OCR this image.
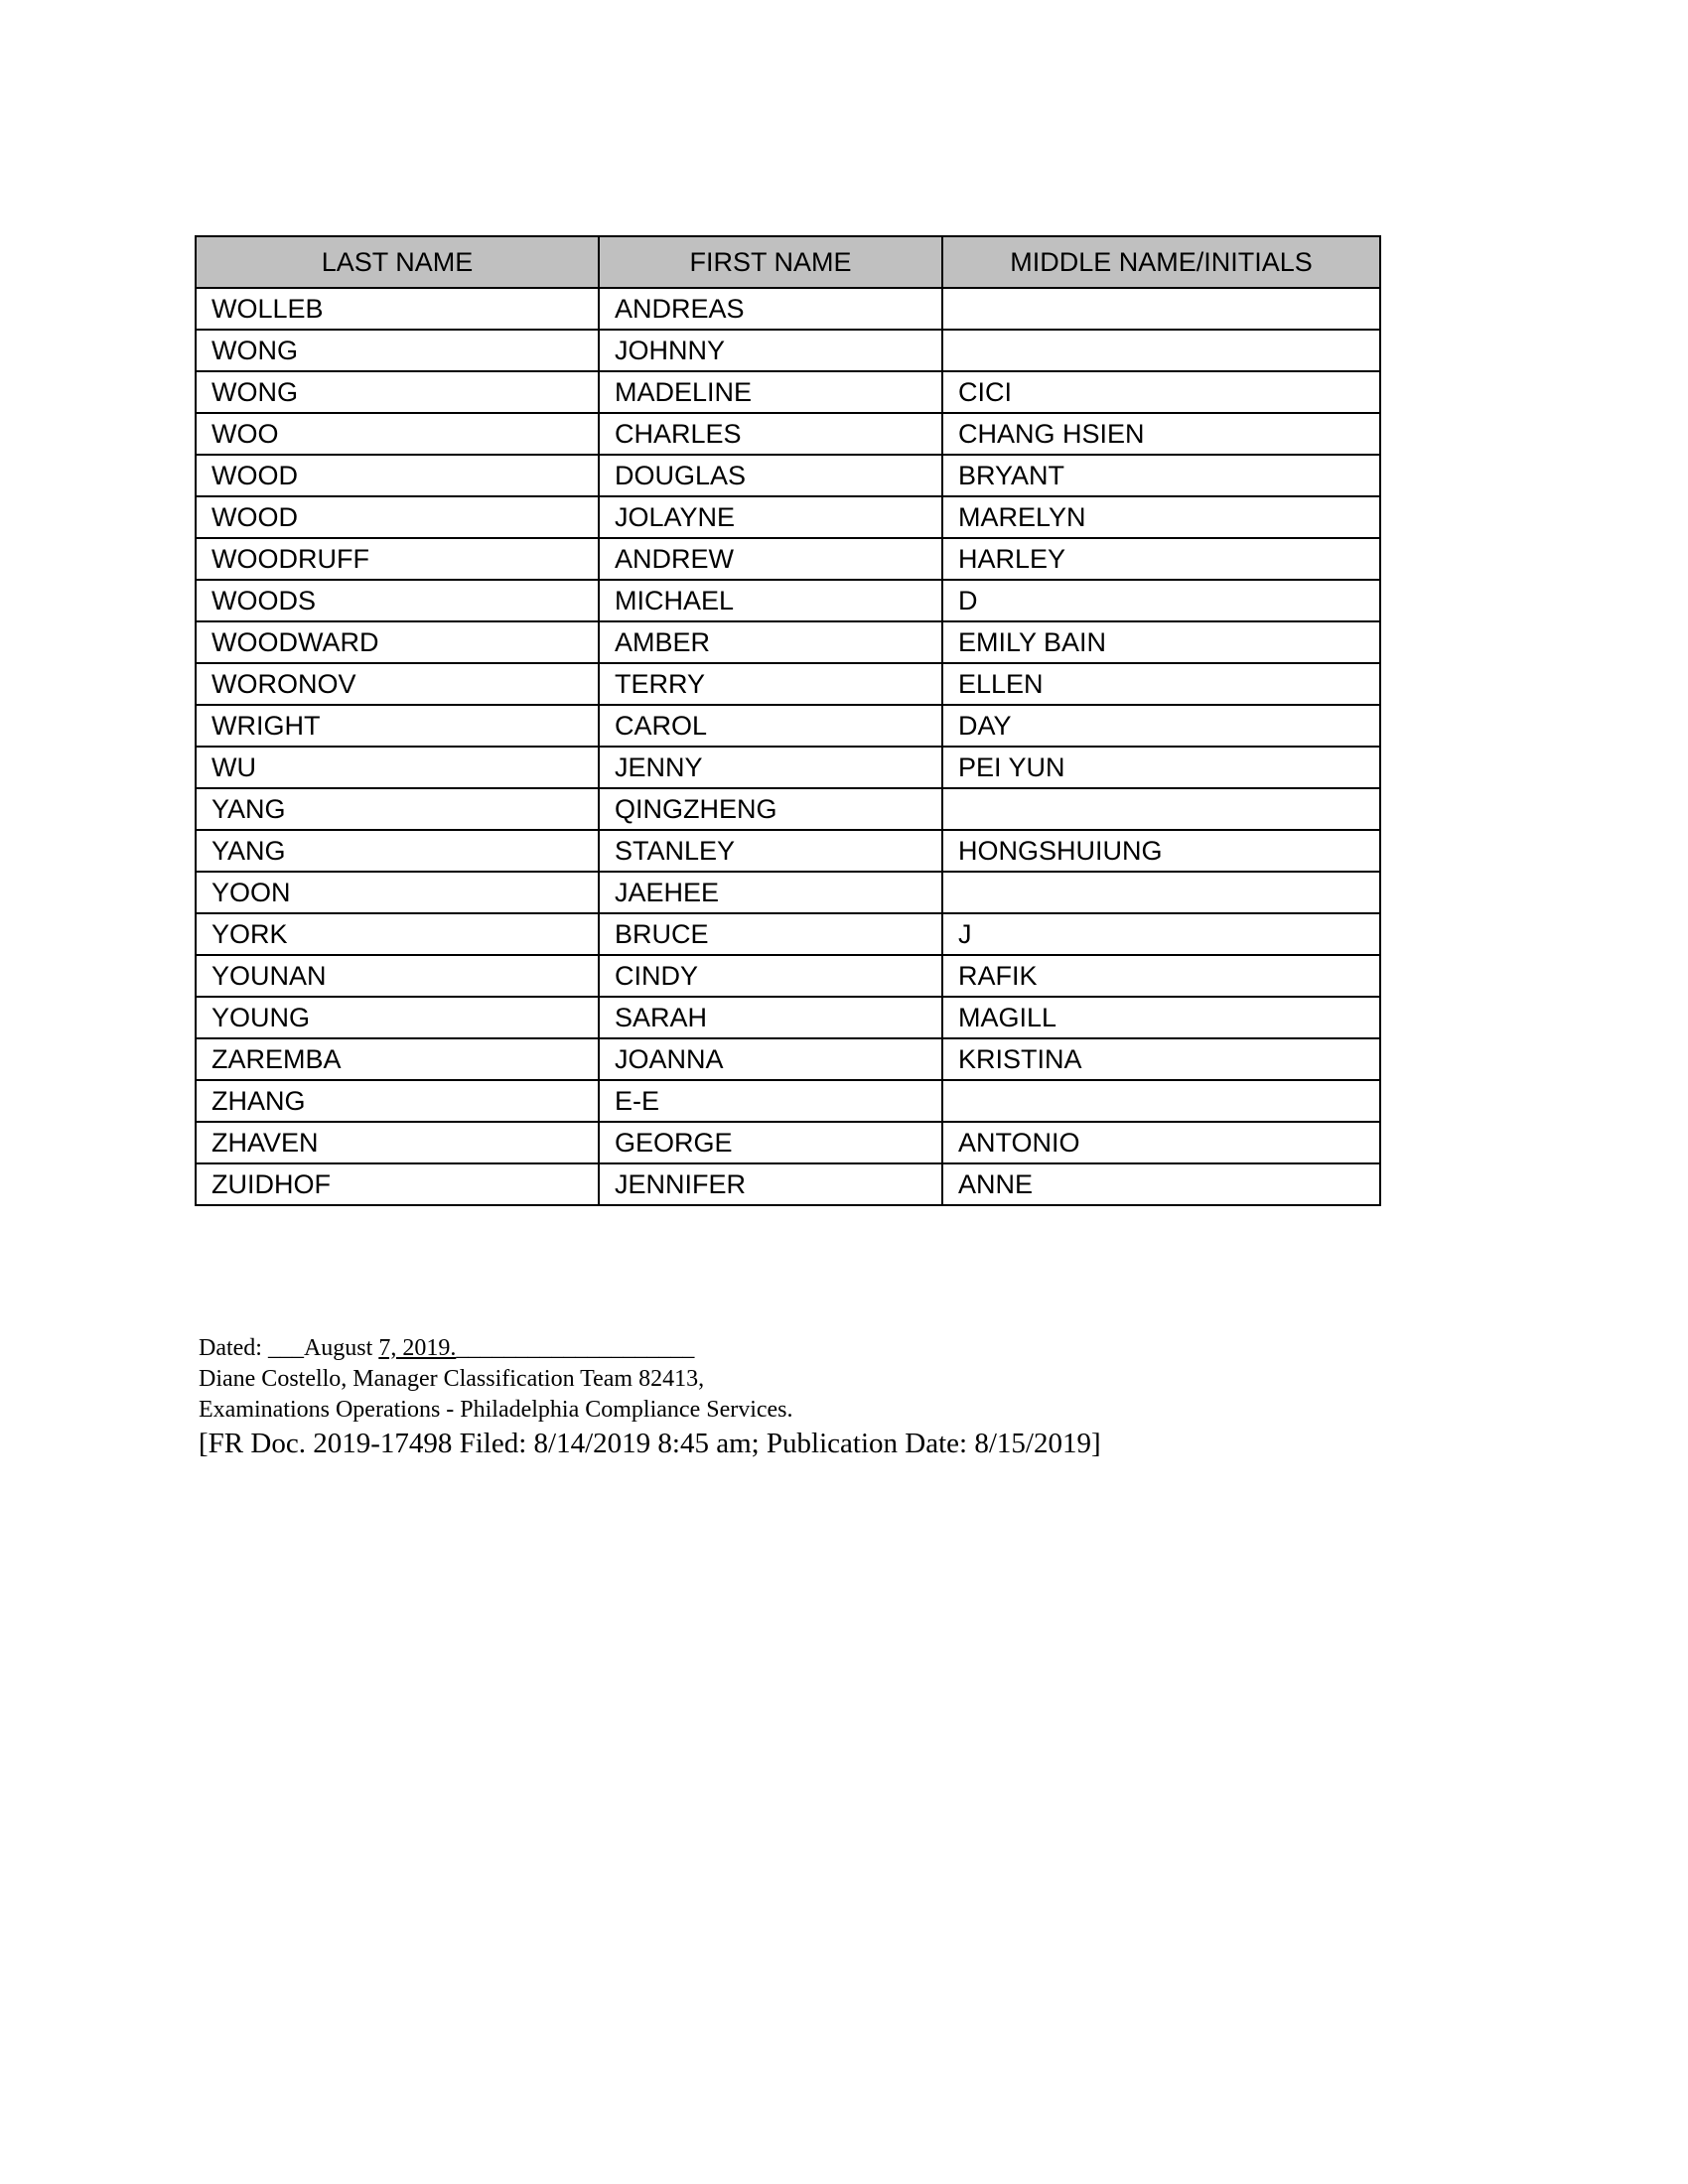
LAST NAME	FIRST NAME	MIDDLE NAME/INITIALS
WOLLEB	ANDREAS	
WONG	JOHNNY	
WONG	MADELINE	CICI
WOO	CHARLES	CHANG HSIEN
WOOD	DOUGLAS	BRYANT
WOOD	JOLAYNE	MARELYN
WOODRUFF	ANDREW	HARLEY
WOODS	MICHAEL	D
WOODWARD	AMBER	EMILY BAIN
WORONOV	TERRY	ELLEN
WRIGHT	CAROL	DAY
WU	JENNY	PEI YUN
YANG	QINGZHENG	
YANG	STANLEY	HONGSHUIUNG
YOON	JAEHEE	
YORK	BRUCE	J
YOUNAN	CINDY	RAFIK
YOUNG	SARAH	MAGILL
ZAREMBA	JOANNA	KRISTINA
ZHANG	E-E	
ZHAVEN	GEORGE	ANTONIO
ZUIDHOF	JENNIFER	ANNE
Dated: ___August 7, 2019.____________________
Diane Costello, Manager Classification Team 82413,
Examinations Operations - Philadelphia Compliance Services.
[FR Doc. 2019-17498 Filed: 8/14/2019 8:45 am; Publication Date: 8/15/2019]
